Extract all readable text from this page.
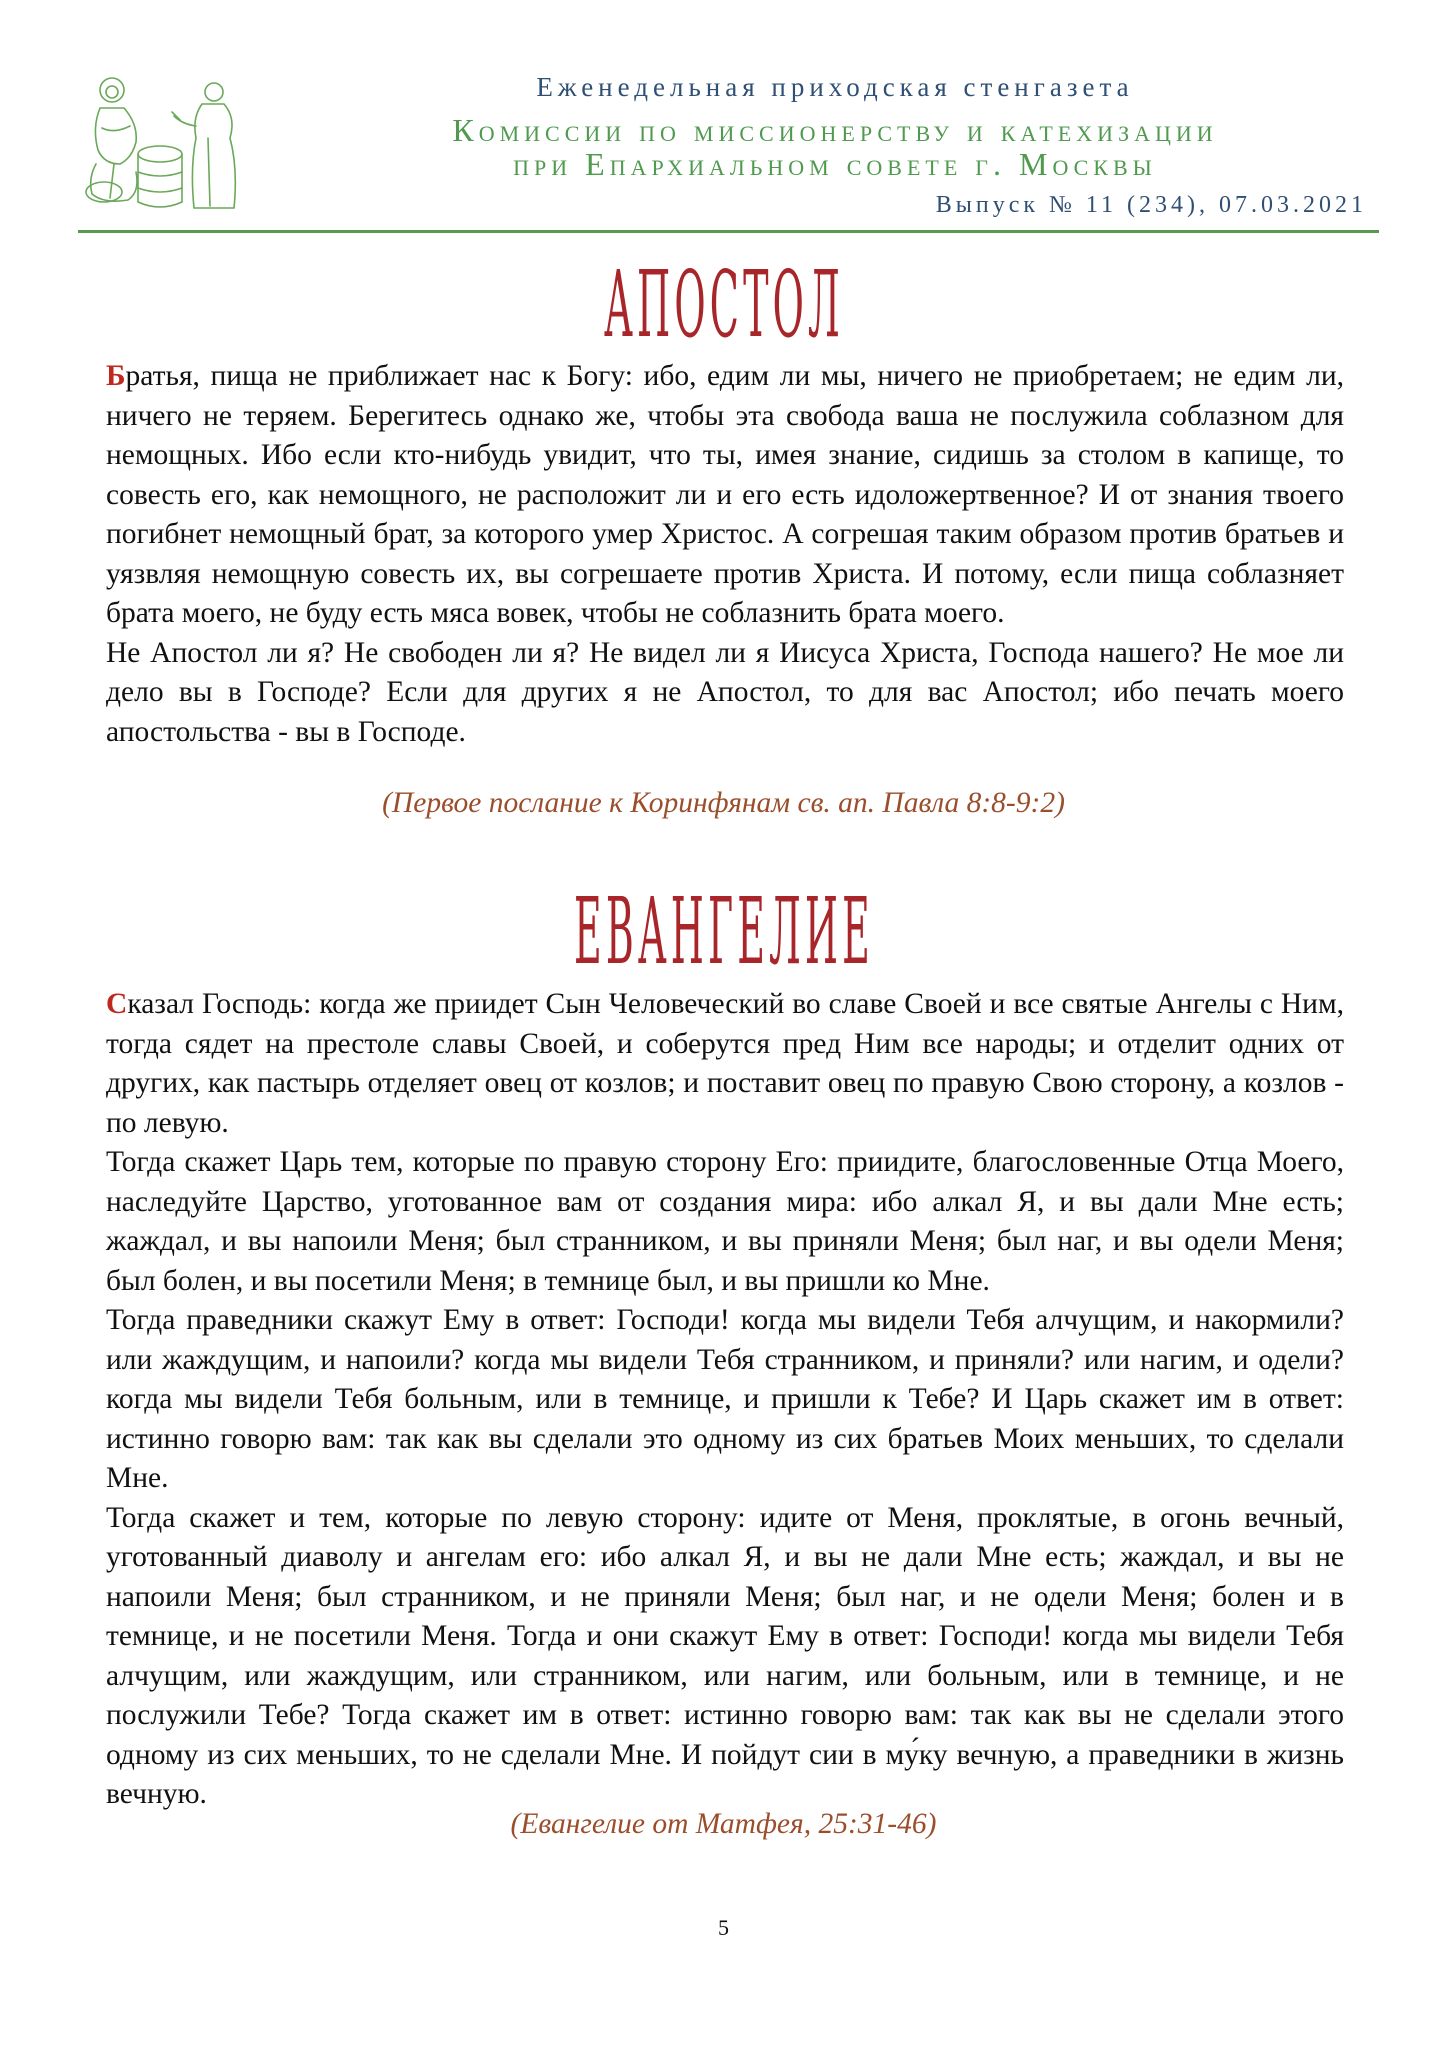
Еженедельная приходская стенгазета
Комиссии по миссионерству и катехизации
при Епархиальном совете г. Москвы
Выпуск № 11 (234), 07.03.2021
АПОСТОЛ

Братья, пища не приближает нас к Богу: ибо, едим ли мы, ничего не приобретаем; не едим ли, ничего не теряем. Берегитесь однако же, чтобы эта свобода ваша не послужила соблазном для немощных. Ибо если кто-нибудь увидит, что ты, имея знание, сидишь за столом в капище, то совесть его, как немощного, не расположит ли и его есть идоложертвенное? И от знания твоего погибнет немощный брат, за которого умер Христос. А согрешая таким образом против братьев и уязвляя немощную совесть их, вы согрешаете против Христа. И потому, если пища соблазняет брата моего, не буду есть мяса вовек, чтобы не соблазнить брата моего.

Не Апостол ли я? Не свободен ли я? Не видел ли я Иисуса Христа, Господа нашего? Не мое ли дело вы в Господе? Если для других я не Апостол, то для вас Апостол; ибо печать моего апостольства - вы в Господе.

(Первое послание к Коринфянам св. ап. Павла 8:8-9:2)
ЕВАНГЕЛИЕ

Сказал Господь: когда же приидет Сын Человеческий во славе Своей и все святые Ангелы с Ним, тогда сядет на престоле славы Своей, и соберутся пред Ним все народы; и отделит одних от других, как пастырь отделяет овец от козлов; и поставит овец по правую Свою сторону, а козлов - по левую.

Тогда скажет Царь тем, которые по правую сторону Его: приидите, благословенные Отца Моего, наследуйте Царство, уготованное вам от создания мира: ибо алкал Я, и вы дали Мне есть; жаждал, и вы напоили Меня; был странником, и вы приняли Меня; был наг, и вы одели Меня; был болен, и вы посетили Меня; в темнице был, и вы пришли ко Мне.

Тогда праведники скажут Ему в ответ: Господи! когда мы видели Тебя алчущим, и накормили? или жаждущим, и напоили? когда мы видели Тебя странником, и приняли? или нагим, и одели? когда мы видели Тебя больным, или в темнице, и пришли к Тебе? И Царь скажет им в ответ: истинно говорю вам: так как вы сделали это одному из сих братьев Моих меньших, то сделали Мне.

Тогда скажет и тем, которые по левую сторону: идите от Меня, проклятые, в огонь вечный, уготованный диаволу и ангелам его: ибо алкал Я, и вы не дали Мне есть; жаждал, и вы не напоили Меня; был странником, и не приняли Меня; был наг, и не одели Меня; болен и в темнице, и не посетили Меня. Тогда и они скажут Ему в ответ: Господи! когда мы видели Тебя алчущим, или жаждущим, или странником, или нагим, или больным, или в темнице, и не послужили Тебе? Тогда скажет им в ответ: истинно говорю вам: так как вы не сделали этого одному из сих меньших, то не сделали Мне. И пойдут сии в му́ку вечную, а праведники в жизнь вечную.

(Евангелие от Матфея, 25:31-46)
5
